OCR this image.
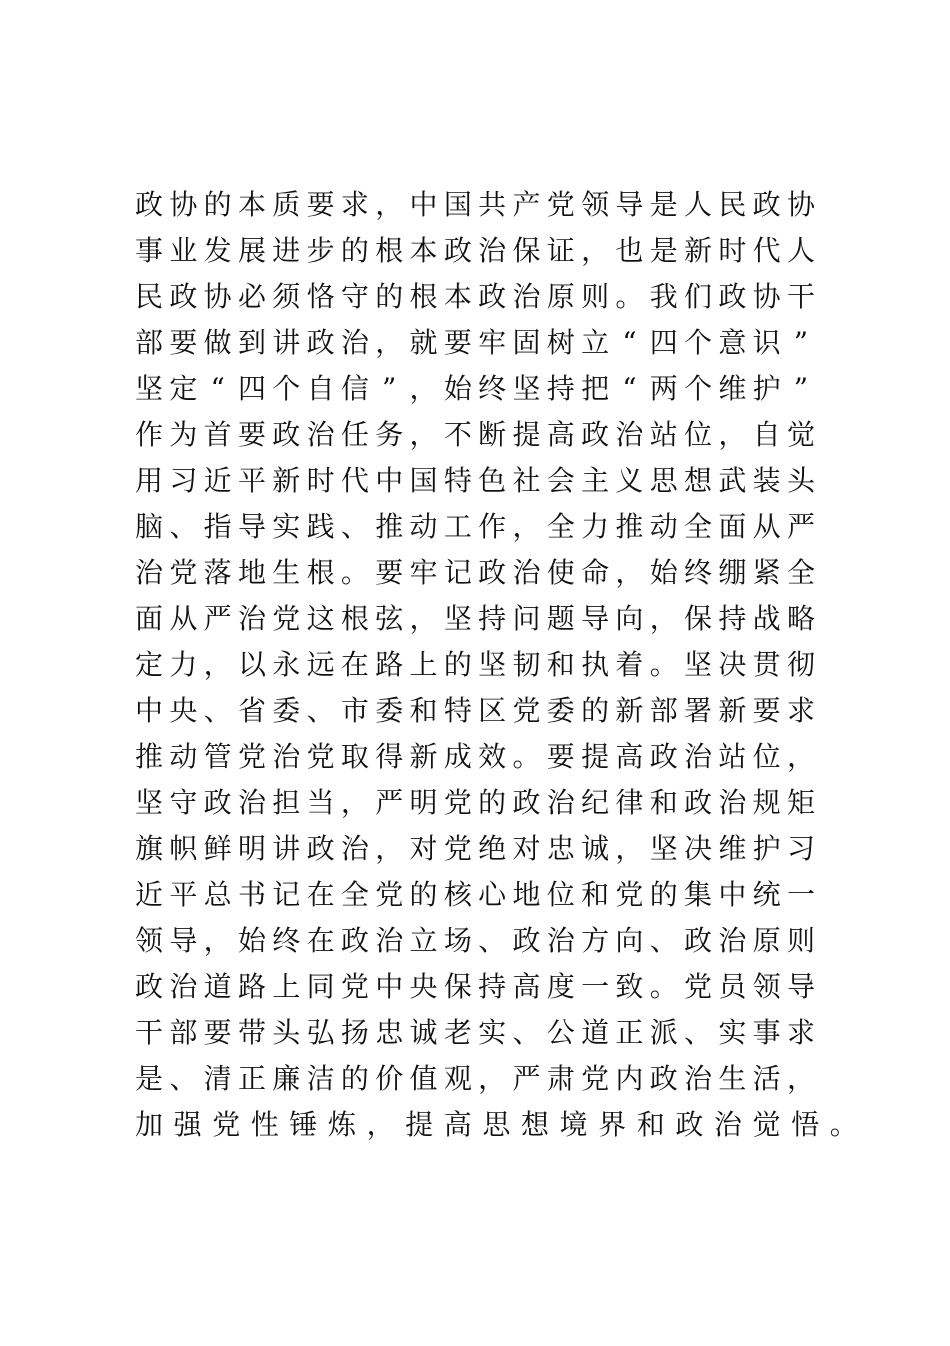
政 协 的 本 质 要 求 ， 中 国 共 产 党 领 导 是 人 民 政 协
事 业 发 展 进 步 的 根 本 政 治 保 证 ， 也 是 新 时 代 人
民 政 协 必 须 恪 守 的 根 本 政 治 原 则 。 我 们 政 协 干
部 要 做 到 讲 政 治 ， 就 要 牢 固 树 立 “ 四 个 意 识 ”
坚 定 “ 四 个 自 信 ” ， 始 终 坚 持 把 “ 两 个 维 护 ”
作 为 首 要 政 治 任 务 ， 不 断 提 高 政 治 站 位 ， 自 觉
用 习 近 平 新 时 代 中 国 特 色 社 会 主 义 思 想 武 装 头
脑 、 指 导 实 践 、 推 动 工 作 ， 全 力 推 动 全 面 从 严
治 党 落 地 生 根 。 要 牢 记 政 治 使 命 ， 始 终 绷 紧 全
面 从 严 治 党 这 根 弦 ， 坚 持 问 题 导 向 ， 保 持 战 略
定 力 ， 以 永 远 在 路 上 的 坚 韧 和 执 着 。 坚 决 贯 彻
中 央 、 省 委 、 市 委 和 特 区 党 委 的 新 部 署 新 要 求
推 动 管 党 治 党 取 得 新 成 效 。 要 提 高 政 治 站 位 ，
坚 守 政 治 担 当 ， 严 明 党 的 政 治 纪 律 和 政 治 规 矩
旗 帜 鲜 明 讲 政 治 ， 对 党 绝 对 忠 诚 ， 坚 决 维 护 习
近 平 总 书 记 在 全 党 的 核 心 地 位 和 党 的 集 中 统 一
领 导 ， 始 终 在 政 治 立 场 、 政 治 方 向 、 政 治 原 则
政 治 道 路 上 同 党 中 央 保 持 高 度 一 致 。 党 员 领 导
干 部 要 带 头 弘 扬 忠 诚 老 实 、 公 道 正 派 、 实 事 求
是 、 清 正 廉 洁 的 价 值 观 ， 严 肃 党 内 政 治 生 活 ，
加 强 党 性 锤 炼 ， 提 高 思 想 境 界 和 政 治 觉 悟 。
